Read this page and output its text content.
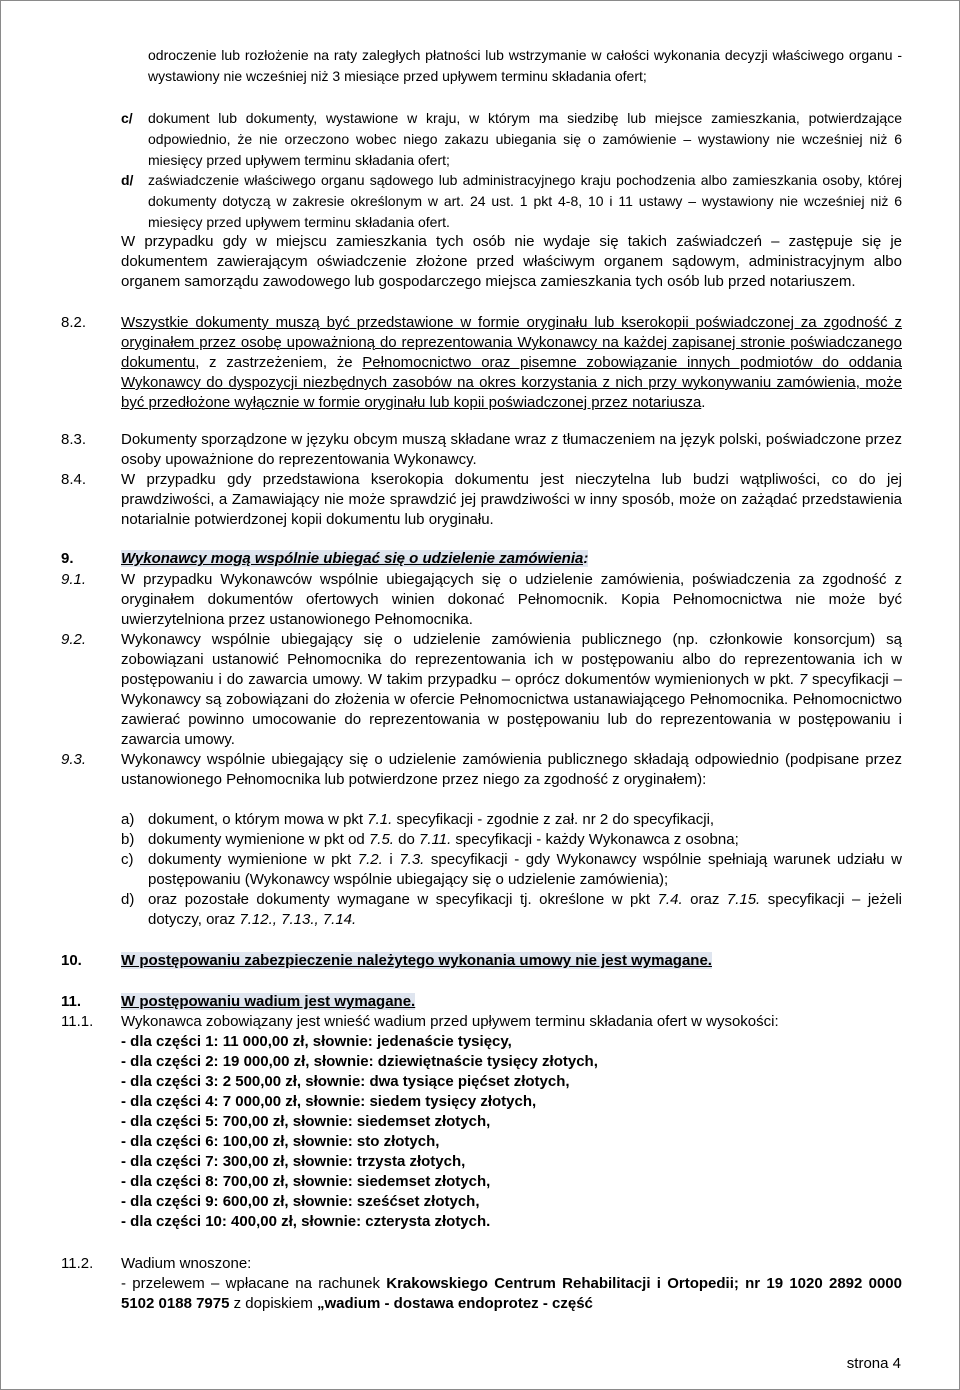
odroczenie lub rozłożenie na raty zaległych płatności lub wstrzymanie w całości wykonania decyzji właściwego organu - wystawiony nie wcześniej niż 3 miesiące przed upływem terminu składania ofert;
c/	dokument lub dokumenty, wystawione w kraju, w którym ma siedzibę lub miejsce zamieszkania, potwierdzające odpowiednio, że nie orzeczono wobec niego zakazu ubiegania się o zamówienie – wystawiony nie wcześniej niż 6 miesięcy przed upływem terminu składania ofert;
d/	zaświadczenie właściwego organu sądowego lub administracyjnego kraju pochodzenia albo zamieszkania osoby, której dokumenty dotyczą w zakresie określonym w art. 24 ust. 1 pkt 4-8, 10 i 11 ustawy – wystawiony nie wcześniej niż 6 miesięcy przed upływem terminu składania ofert.
W przypadku gdy w miejscu zamieszkania tych osób nie wydaje się takich zaświadczeń – zastępuje się je dokumentem zawierającym oświadczenie złożone przed właściwym organem sądowym, administracyjnym albo organem samorządu zawodowego lub gospodarczego miejsca zamieszkania tych osób lub przed notariuszem.
8.2. Wszystkie dokumenty muszą być przedstawione w formie oryginału lub kserokopii poświadczonej za zgodność z oryginałem przez osobę upoważnioną do reprezentowania Wykonawcy na każdej zapisanej stronie poświadczanego dokumentu, z zastrzeżeniem, że Pełnomocnictwo oraz pisemne zobowiązanie innych podmiotów do oddania Wykonawcy do dyspozycji niezbędnych zasobów na okres korzystania z nich przy wykonywaniu zamówienia, może być przedłożone wyłącznie w formie oryginału lub kopii poświadczonej przez notariusza.
8.3. Dokumenty sporządzone w języku obcym muszą składane wraz z tłumaczeniem na język polski, poświadczone przez osoby upoważnione do reprezentowania Wykonawcy.
8.4. W przypadku gdy przedstawiona kserokopia dokumentu jest nieczytelna lub budzi wątpliwości, co do jej prawdziwości, a Zamawiający nie może sprawdzić jej prawdziwości w inny sposób, może on zażądać przedstawienia notarialnie potwierdzonej kopii dokumentu lub oryginału.
9.	Wykonawcy mogą wspólnie ubiegać się o udzielenie zamówienia:
9.1. W przypadku Wykonawców wspólnie ubiegających się o udzielenie zamówienia, poświadczenia za zgodność z oryginałem dokumentów ofertowych winien dokonać Pełnomocnik. Kopia Pełnomocnictwa nie może być uwierzytelniona przez ustanowionego Pełnomocnika.
9.2. Wykonawcy wspólnie ubiegający się o udzielenie zamówienia publicznego (np. członkowie konsorcjum) są zobowiązani ustanowić Pełnomocnika do reprezentowania ich w postępowaniu albo do reprezentowania ich w postępowaniu i do zawarcia umowy. W takim przypadku – oprócz dokumentów wymienionych w pkt. 7 specyfikacji – Wykonawcy są zobowiązani do złożenia w ofercie Pełnomocnictwa ustanawiającego Pełnomocnika. Pełnomocnictwo zawierać powinno umocowanie do reprezentowania w postępowaniu lub do reprezentowania w postępowaniu i zawarcia umowy.
9.3. Wykonawcy wspólnie ubiegający się o udzielenie zamówienia publicznego składają odpowiednio (podpisane przez ustanowionego Pełnomocnika lub potwierdzone przez niego za zgodność z oryginałem):
a) dokument, o którym mowa w pkt 7.1. specyfikacji - zgodnie z zał. nr 2 do specyfikacji,
b) dokumenty wymienione w pkt od 7.5. do 7.11. specyfikacji - każdy Wykonawca z osobna;
c) dokumenty wymienione w pkt 7.2. i 7.3. specyfikacji - gdy Wykonawcy wspólnie spełniają warunek udziału w postępowaniu (Wykonawcy wspólnie ubiegający się o udzielenie zamówienia);
d) oraz pozostałe dokumenty wymagane w specyfikacji tj. określone w pkt 7.4. oraz 7.15. specyfikacji – jeżeli dotyczy, oraz 7.12., 7.13., 7.14.
10.	W postępowaniu zabezpieczenie należytego wykonania umowy nie jest wymagane.
11.	W postępowaniu wadium jest wymagane.
11.1. Wykonawca zobowiązany jest wnieść wadium przed upływem terminu składania ofert w wysokości:
- dla części 1: 11 000,00 zł, słownie: jedenaście tysięcy,
- dla części 2: 19 000,00 zł, słownie: dziewiętnaście tysięcy złotych,
- dla części 3: 2 500,00 zł, słownie: dwa tysiące pięćset złotych,
- dla części 4: 7 000,00 zł, słownie: siedem tysięcy złotych,
- dla części 5: 700,00 zł, słownie: siedemset złotych,
- dla części 6: 100,00 zł, słownie: sto złotych,
- dla części 7: 300,00 zł, słownie: trzysta złotych,
- dla części 8: 700,00 zł, słownie: siedemset złotych,
- dla części 9: 600,00 zł, słownie: sześćset złotych,
- dla części 10: 400,00 zł, słownie: czterysta złotych.
11.2. Wadium wnoszone:
- przelewem – wpłacane na rachunek Krakowskiego Centrum Rehabilitacji i Ortopedii; nr 19 1020 2892 0000 5102 0188 7975 z dopiskiem „wadium - dostawa endoprotez - część
strona 4
